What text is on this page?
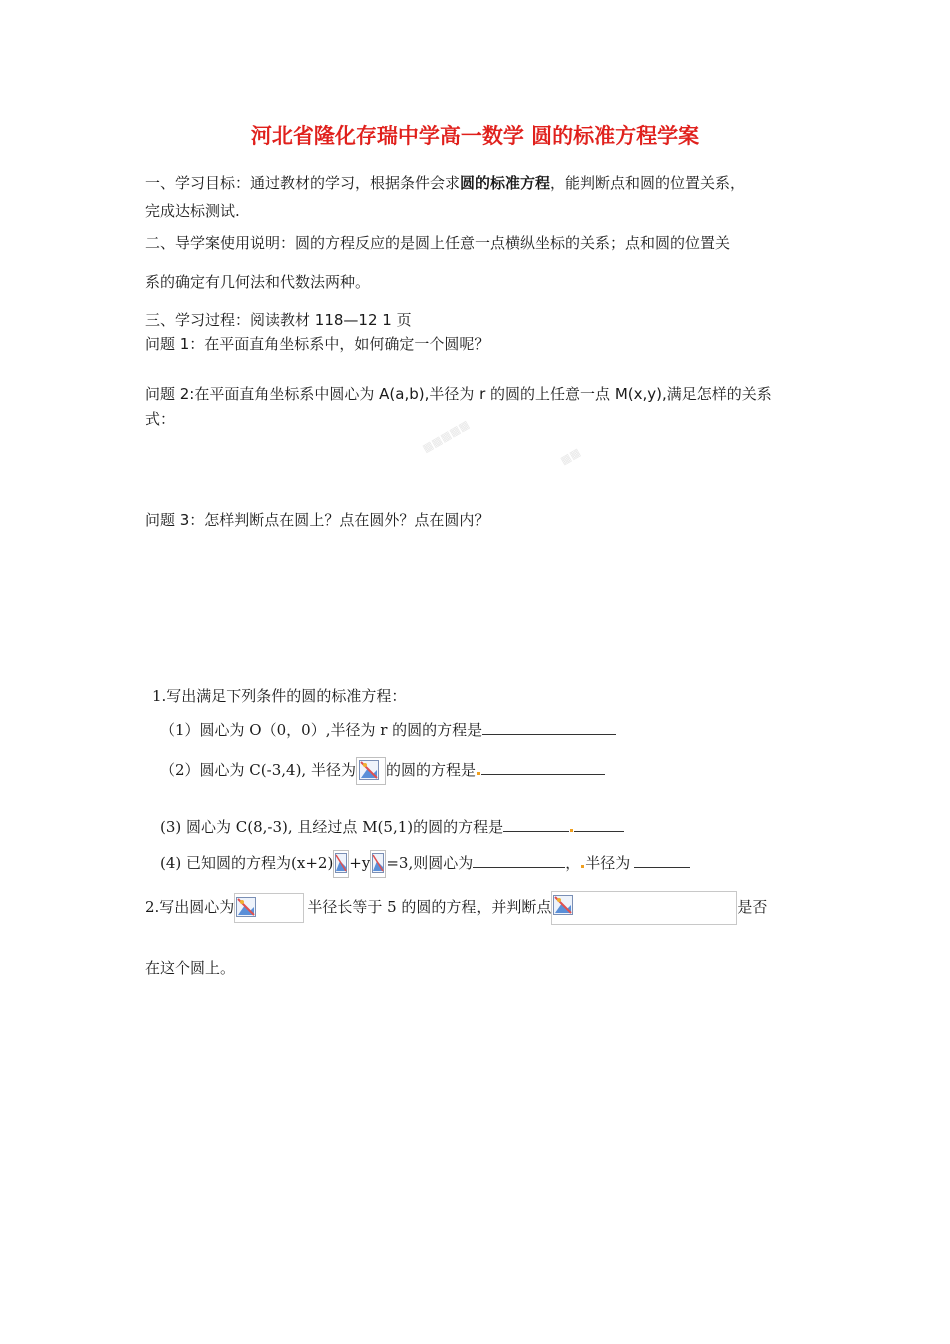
河北省隆化存瑞中学高一数学 圆的标准方程学案
一、学习目标：通过教材的学习，根据条件会求圆的标准方程，能判断点和圆的位置关系，
完成达标测试.
二、导学案使用说明：圆的方程反应的是圆上任意一点横纵坐标的关系；点和圆的位置关
系的确定有几何法和代数法两种。
三、学习过程：阅读教材 118—12 1 页
问题 1：在平面直角坐标系中，如何确定一个圆呢？
问题 2:在平面直角坐标系中圆心为 A(a,b),半径为 r 的圆的上任意一点 M(x,y),满足怎样的关系
式：	▦▦▦▦▦
▦▦
问题 3：怎样判断点在圆上？点在圆外？点在圆内？
1.写出满足下列条件的圆的标准方程：
（1）圆心为 O（0，0）,半径为 r 的圆的方程是
（2）圆心为 C(-3,4), 半径为 的圆的方程是
(3) 圆心为 C(8,-3), 且经过点 M(5,1)的圆的方程是
(4) 已知圆的方程为(x+2) +y =3,则圆心为	， 半径为
2.写出圆心为	半径长等于 5 的圆的方程，并判断点	是否
在这个圆上。
